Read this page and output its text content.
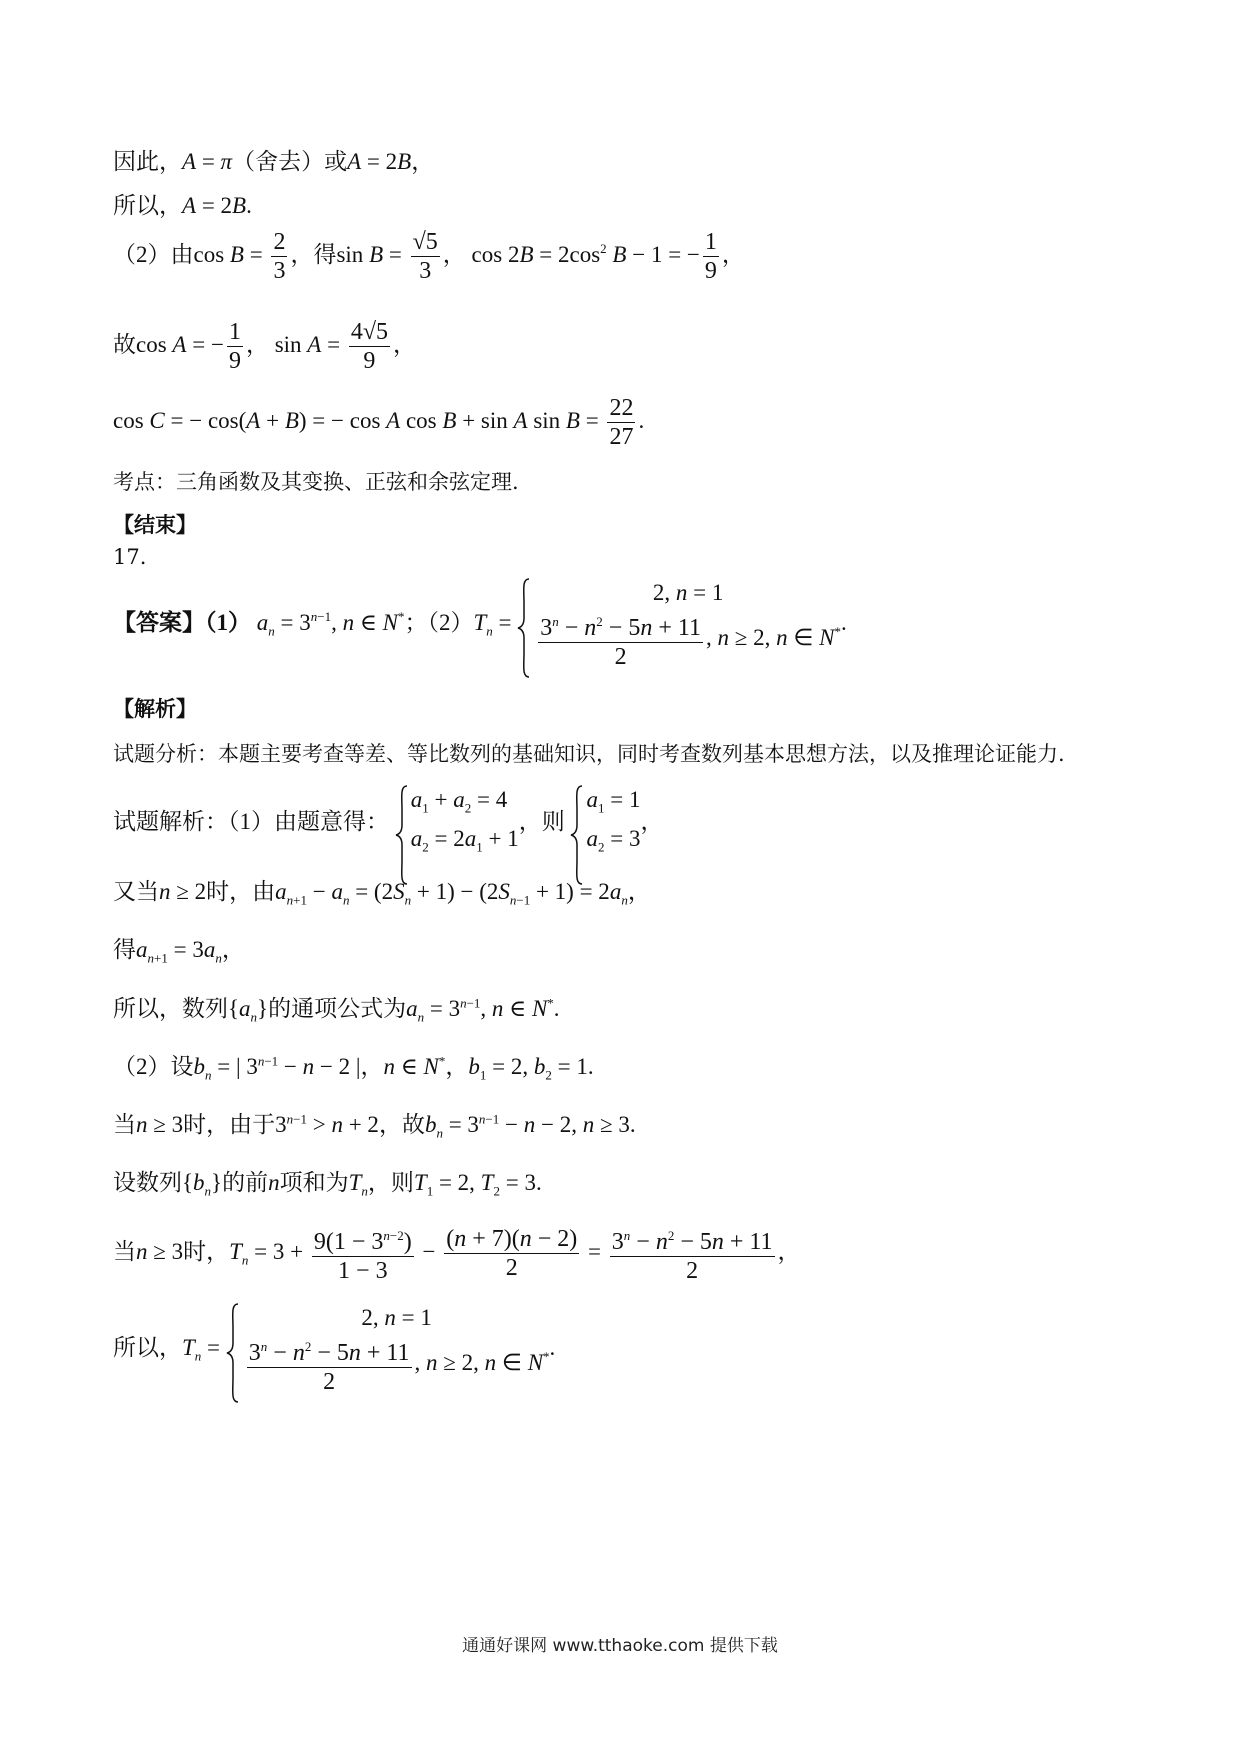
因此，A = π（舍去）或A = 2B，
所以，A = 2B.
（2）由$\cos B = \frac{2}{3}$ ，得$\sin B = \frac{√5}{3}$ ， $\cos 2B = 2\cos^2$ B − 1 = − $\frac{1}{9}$ ，
故cos A = − $\frac{1}{9}$ ， $\sin A = \frac{4√5}{9}$ ，
cos C = − cos(A + B) = − cos A cos B + sin A $\sin B = \frac{22}{27}$ .
考点：三角函数及其变换、正弦和余弦定理.
【结束】
17.
【答案】（1） $a_n = 3^{n-1}$, n ∈ N*；$(2)T_n$ =
2, n = 1
$\frac{3^n - n^2 - 5n + 11}{2}$ , n ≥ 2, n ∈ N* .
【解析】
试题分析：本题主要考查等差、等比数列的基础知识，同时考查数列基本思想方法，以及推理论证能力.
试题解析：（1）由题意得：
$a_1 + a_2 = 4$
$a_2 = 2a_1 + 1$
，则
$a_1 = 1$
$a_2 = 3$
，
又当n ≥ 2时，由$a_{n+1} - a_n = (2S_n + 1) - (2S_{n-1} + 1) = 2a_n$，
得$a_{n+1} = 3a_n$，
所以，数列$\{a_n\}$的通项公式为$a_n = 3^{n-1}$, n ∈ N*.
（2）设$b_n$ = | $3^{n-1} - n - 2$ |，n ∈ N*，$b_1 = 2$, $b_2 = 1$.
当n ≥ 3时，由于$3^{n-1} > n + 2$，故$b_n = 3^{n-1} - n - 2$, n ≥ 3.
设数列$\{b_n\}$的前n项和为$T_n$，则$T_1 = 2$, $T_2 = 3$.
当n ≥ 3时，$T_n = 3 + \frac{9(1 - 3^{n-2})}{1 - 3} - \frac{(n + 7)(n - 2)}{2} = \frac{3^n - n^2 - 5n + 11}{2}$ ，
所以，$T_n$ =
2, n = 1
$\frac{3^n - n^2 - 5n + 11}{2}$ , n ≥ 2, n ∈ N* .
通通好课网 www.tthaoke.com 提供下载
